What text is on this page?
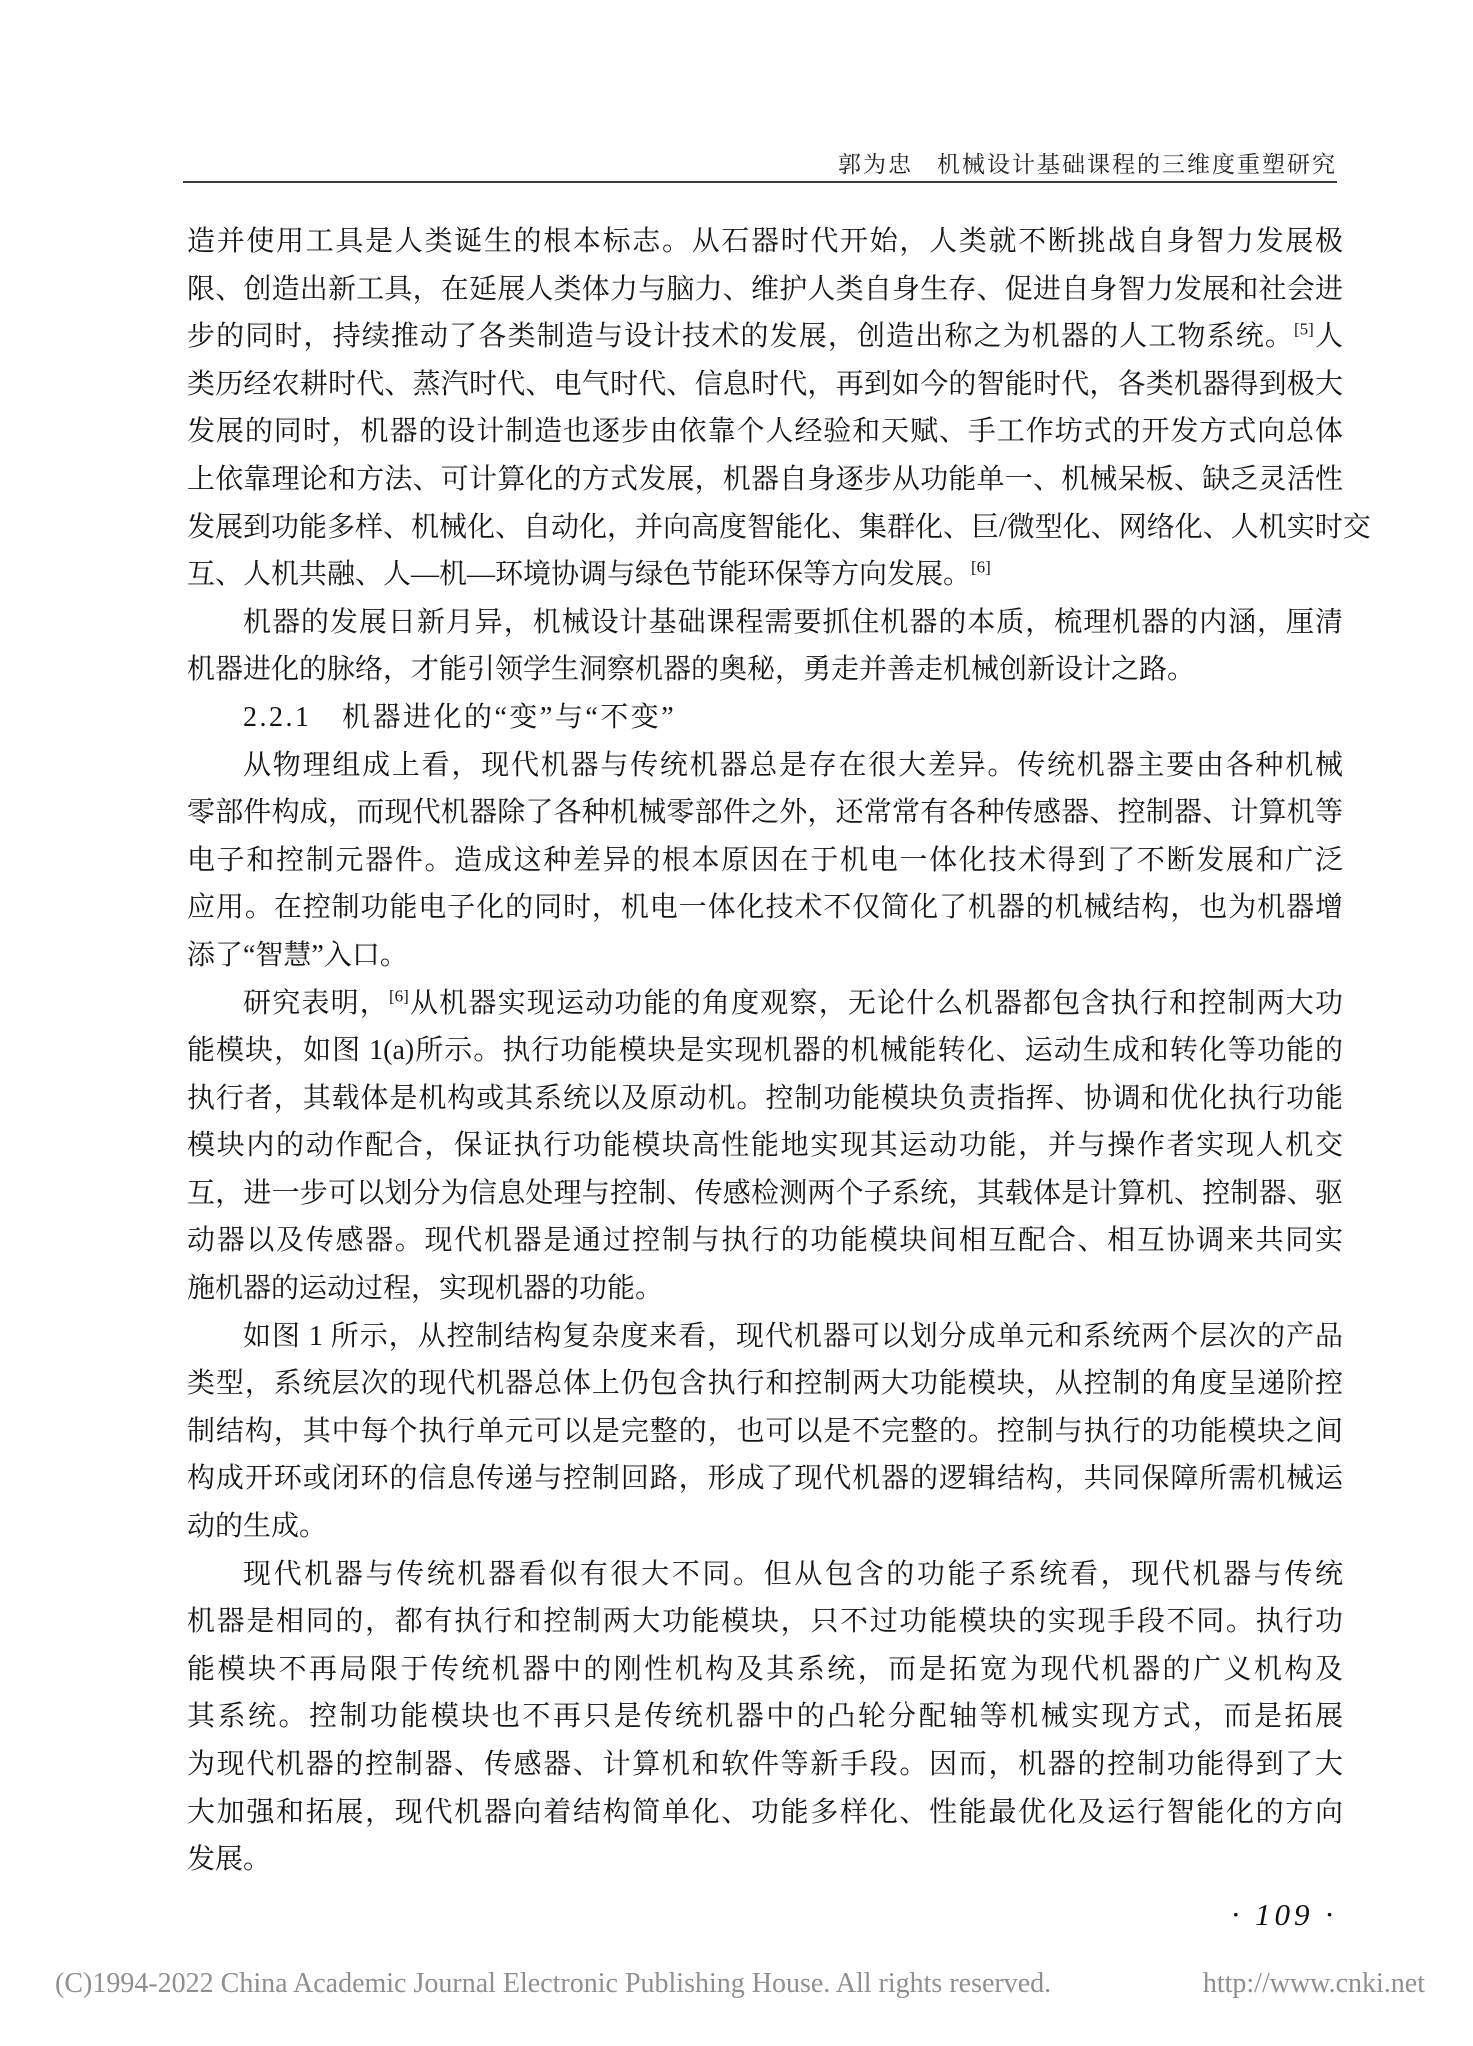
郭为忠 机械设计基础课程的三维度重塑研究
造并使用工具是人类诞生的根本标志。从石器时代开始，人类就不断挑战自身智力发展极
限、创造出新工具，在延展人类体力与脑力、维护人类自身生存、促进自身智力发展和社会进
步的同时，持续推动了各类制造与设计技术的发展，创造出称之为机器的人工物系统。[5]人
类历经农耕时代、蒸汽时代、电气时代、信息时代，再到如今的智能时代，各类机器得到极大
发展的同时，机器的设计制造也逐步由依靠个人经验和天赋、手工作坊式的开发方式向总体
上依靠理论和方法、可计算化的方式发展，机器自身逐步从功能单一、机械呆板、缺乏灵活性
发展到功能多样、机械化、自动化，并向高度智能化、集群化、巨/微型化、网络化、人机实时交
互、人机共融、人—机—环境协调与绿色节能环保等方向发展。[6]
机器的发展日新月异，机械设计基础课程需要抓住机器的本质，梳理机器的内涵，厘清
机器进化的脉络，才能引领学生洞察机器的奥秘，勇走并善走机械创新设计之路。
2.2.1　机器进化的“变”与“不变”
从物理组成上看，现代机器与传统机器总是存在很大差异。传统机器主要由各种机械
零部件构成，而现代机器除了各种机械零部件之外，还常常有各种传感器、控制器、计算机等
电子和控制元器件。造成这种差异的根本原因在于机电一体化技术得到了不断发展和广泛
应用。在控制功能电子化的同时，机电一体化技术不仅简化了机器的机械结构，也为机器增
添了“智慧”入口。
研究表明，[6]从机器实现运动功能的角度观察，无论什么机器都包含执行和控制两大功
能模块，如图 1(a)所示。执行功能模块是实现机器的机械能转化、运动生成和转化等功能的
执行者，其载体是机构或其系统以及原动机。控制功能模块负责指挥、协调和优化执行功能
模块内的动作配合，保证执行功能模块高性能地实现其运动功能，并与操作者实现人机交
互，进一步可以划分为信息处理与控制、传感检测两个子系统，其载体是计算机、控制器、驱
动器以及传感器。现代机器是通过控制与执行的功能模块间相互配合、相互协调来共同实
施机器的运动过程，实现机器的功能。
如图 1 所示，从控制结构复杂度来看，现代机器可以划分成单元和系统两个层次的产品
类型，系统层次的现代机器总体上仍包含执行和控制两大功能模块，从控制的角度呈递阶控
制结构，其中每个执行单元可以是完整的，也可以是不完整的。控制与执行的功能模块之间
构成开环或闭环的信息传递与控制回路，形成了现代机器的逻辑结构，共同保障所需机械运
动的生成。
现代机器与传统机器看似有很大不同。但从包含的功能子系统看，现代机器与传统
机器是相同的，都有执行和控制两大功能模块，只不过功能模块的实现手段不同。执行功
能模块不再局限于传统机器中的刚性机构及其系统，而是拓宽为现代机器的广义机构及
其系统。控制功能模块也不再只是传统机器中的凸轮分配轴等机械实现方式，而是拓展
为现代机器的控制器、传感器、计算机和软件等新手段。因而，机器的控制功能得到了大
大加强和拓展，现代机器向着结构简单化、功能多样化、性能最优化及运行智能化的方向
发展。
· 109 ·
(C)1994-2022 China Academic Journal Electronic Publishing House. All rights reserved.	http://www.cnki.net
